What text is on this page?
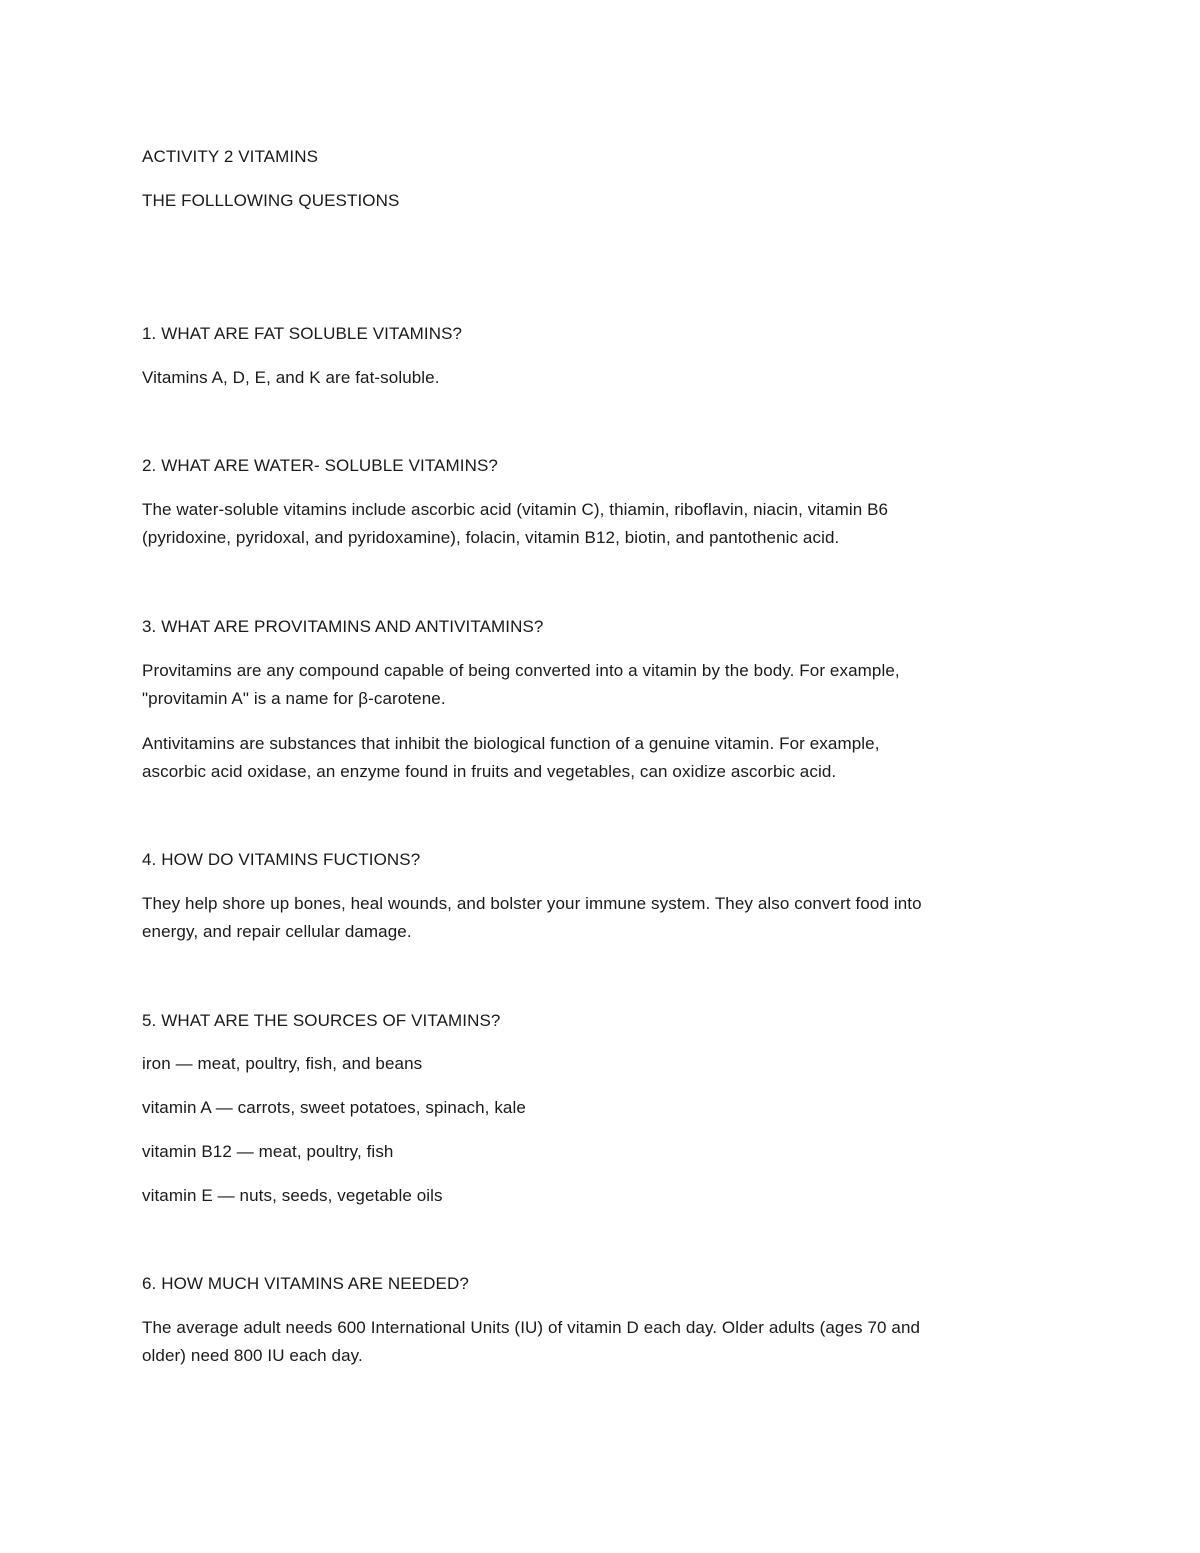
ACTIVITY 2 VITAMINS
THE FOLLLOWING QUESTIONS
1. WHAT ARE FAT SOLUBLE VITAMINS?
Vitamins A, D, E, and K are fat-soluble.
2. WHAT ARE WATER- SOLUBLE VITAMINS?
The water-soluble vitamins include ascorbic acid (vitamin C), thiamin, riboflavin, niacin, vitamin B6
(pyridoxine, pyridoxal, and pyridoxamine), folacin, vitamin B12, biotin, and pantothenic acid.
3. WHAT ARE PROVITAMINS AND ANTIVITAMINS?
Provitamins are any compound capable of being converted into a vitamin by the body. For example,
"provitamin A" is a name for β-carotene.
Antivitamins are substances that inhibit the biological function of a genuine vitamin. For example,
ascorbic acid oxidase, an enzyme found in fruits and vegetables, can oxidize ascorbic acid.
4. HOW DO VITAMINS FUCTIONS?
They help shore up bones, heal wounds, and bolster your immune system. They also convert food into
energy, and repair cellular damage.
5. WHAT ARE THE SOURCES OF VITAMINS?
iron — meat, poultry, fish, and beans
vitamin A — carrots, sweet potatoes, spinach, kale
vitamin B12 — meat, poultry, fish
vitamin E — nuts, seeds, vegetable oils
6. HOW MUCH VITAMINS ARE NEEDED?
The average adult needs 600 International Units (IU) of vitamin D each day. Older adults (ages 70 and
older) need 800 IU each day.
